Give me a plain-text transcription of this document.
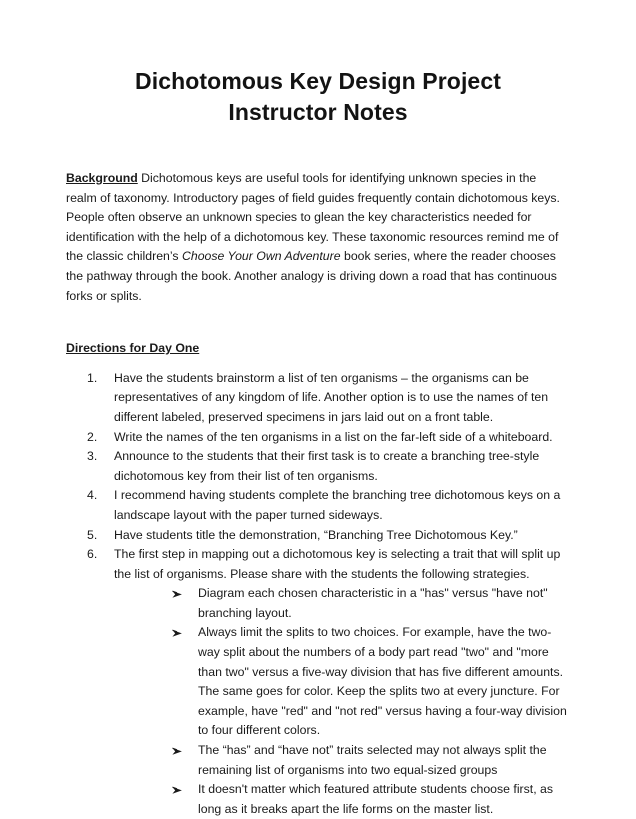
Dichotomous Key Design Project
Instructor Notes

Background Dichotomous keys are useful tools for identifying unknown species in the realm of taxonomy. Introductory pages of field guides frequently contain dichotomous keys. People often observe an unknown species to glean the key characteristics needed for identification with the help of a dichotomous key. These taxonomic resources remind me of the classic children’s Choose Your Own Adventure book series, where the reader chooses the pathway through the book. Another analogy is driving down a road that has continuous forks or splits.

Directions for Day One
1.	Have the students brainstorm a list of ten organisms – the organisms can be representatives of any kingdom of life. Another option is to use the names of ten different labeled, preserved specimens in jars laid out on a front table.
2.	Write the names of the ten organisms in a list on the far-left side of a whiteboard.
3.	Announce to the students that their first task is to create a branching tree-style dichotomous key from their list of ten organisms.
4.	I recommend having students complete the branching tree dichotomous keys on a landscape layout with the paper turned sideways.
5.	Have students title the demonstration, “Branching Tree Dichotomous Key.”
6.	The first step in mapping out a dichotomous key is selecting a trait that will split up the list of organisms. Please share with the students the following strategies.
Diagram each chosen characteristic in a "has" versus "have not" branching layout.
Always limit the splits to two choices. For example, have the two-way split about the numbers of a body part read "two" and "more than two" versus a five-way division that has five different amounts. The same goes for color. Keep the splits two at every juncture. For example, have "red" and "not red" versus having a four-way division to four different colors.
The “has” and “have not” traits selected may not always split the remaining list of organisms into two equal-sized groups
It doesn't matter which featured attribute students choose first, as long as it breaks apart the life forms on the master list.
